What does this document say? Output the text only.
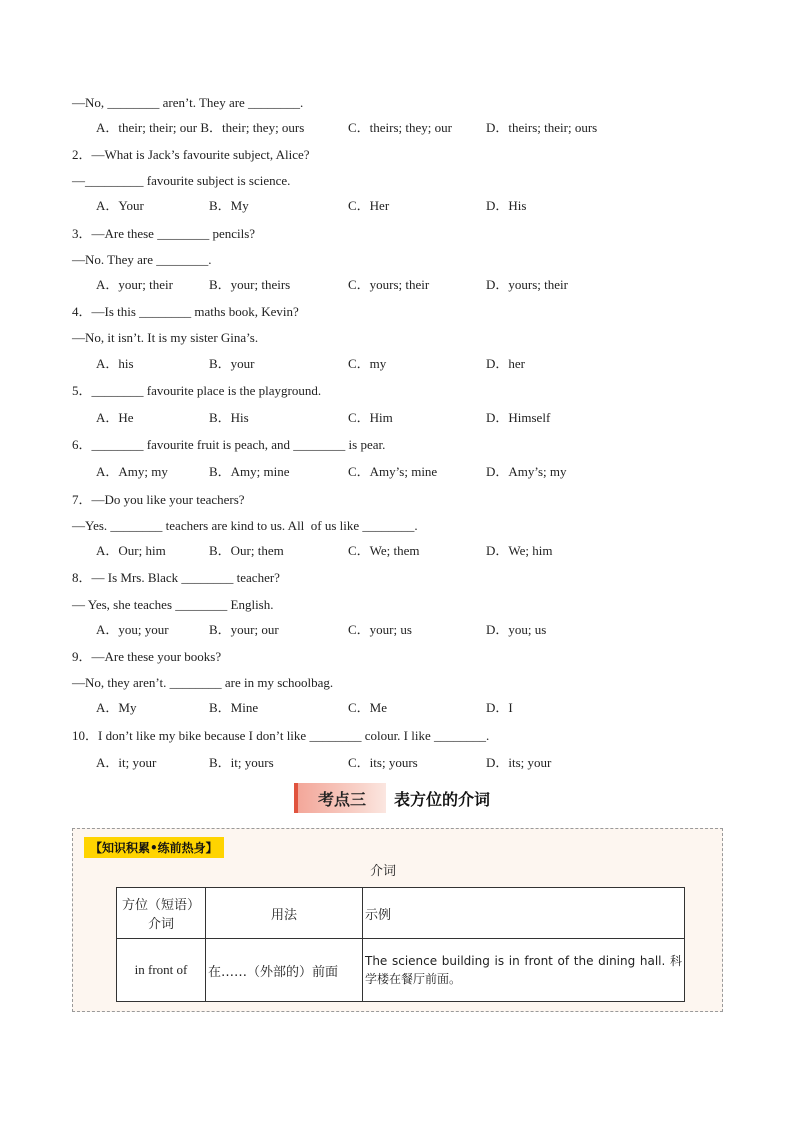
—No, ________ aren’t. They are ________.
A．their; their; our B．their; they; ours	C．theirs; they; our	D．theirs; their; ours
2．—What is Jack’s favourite subject, Alice?
—_________ favourite subject is science.
A．Your	B．My	C．Her	D．His
3．—Are these ________ pencils?
—No. They are ________.
A．your; their	B．your; theirs	C．yours; their	D．yours; their
4．—Is this ________ maths book, Kevin?
—No, it isn’t. It is my sister Gina’s.
A．his	B．your	C．my	D．her
5．________ favourite place is the playground.
A．He	B．His	C．Him	D．Himself
6．________ favourite fruit is peach, and ________ is pear.
A．Amy; my	B．Amy; mine	C．Amy’s; mine	D．Amy’s; my
7．—Do you like your teachers?
—Yes. ________ teachers are kind to us. All  of us like ________.
A．Our; him	B．Our; them	C．We; them	D．We; him
8．— Is Mrs. Black ________ teacher?
— Yes, she teaches ________ English.
A．you; your	B．your; our	C．your; us	D．you; us
9．—Are these your books?
—No, they aren’t. ________ are in my schoolbag.
A．My	B．Mine	C．Me	D．I
10．I don’t like my bike because I don’t like ________ colour. I like ________.
A．it; your	B．it; yours	C．its; yours	D．its; your
考点三	表方位的介词
【知识积累•练前热身】
介词
方位（短语）介词	用法	示例
in front of	在……（外部的）前面	The science building is in front of the dining hall. 科学楼在餐厅前面。
